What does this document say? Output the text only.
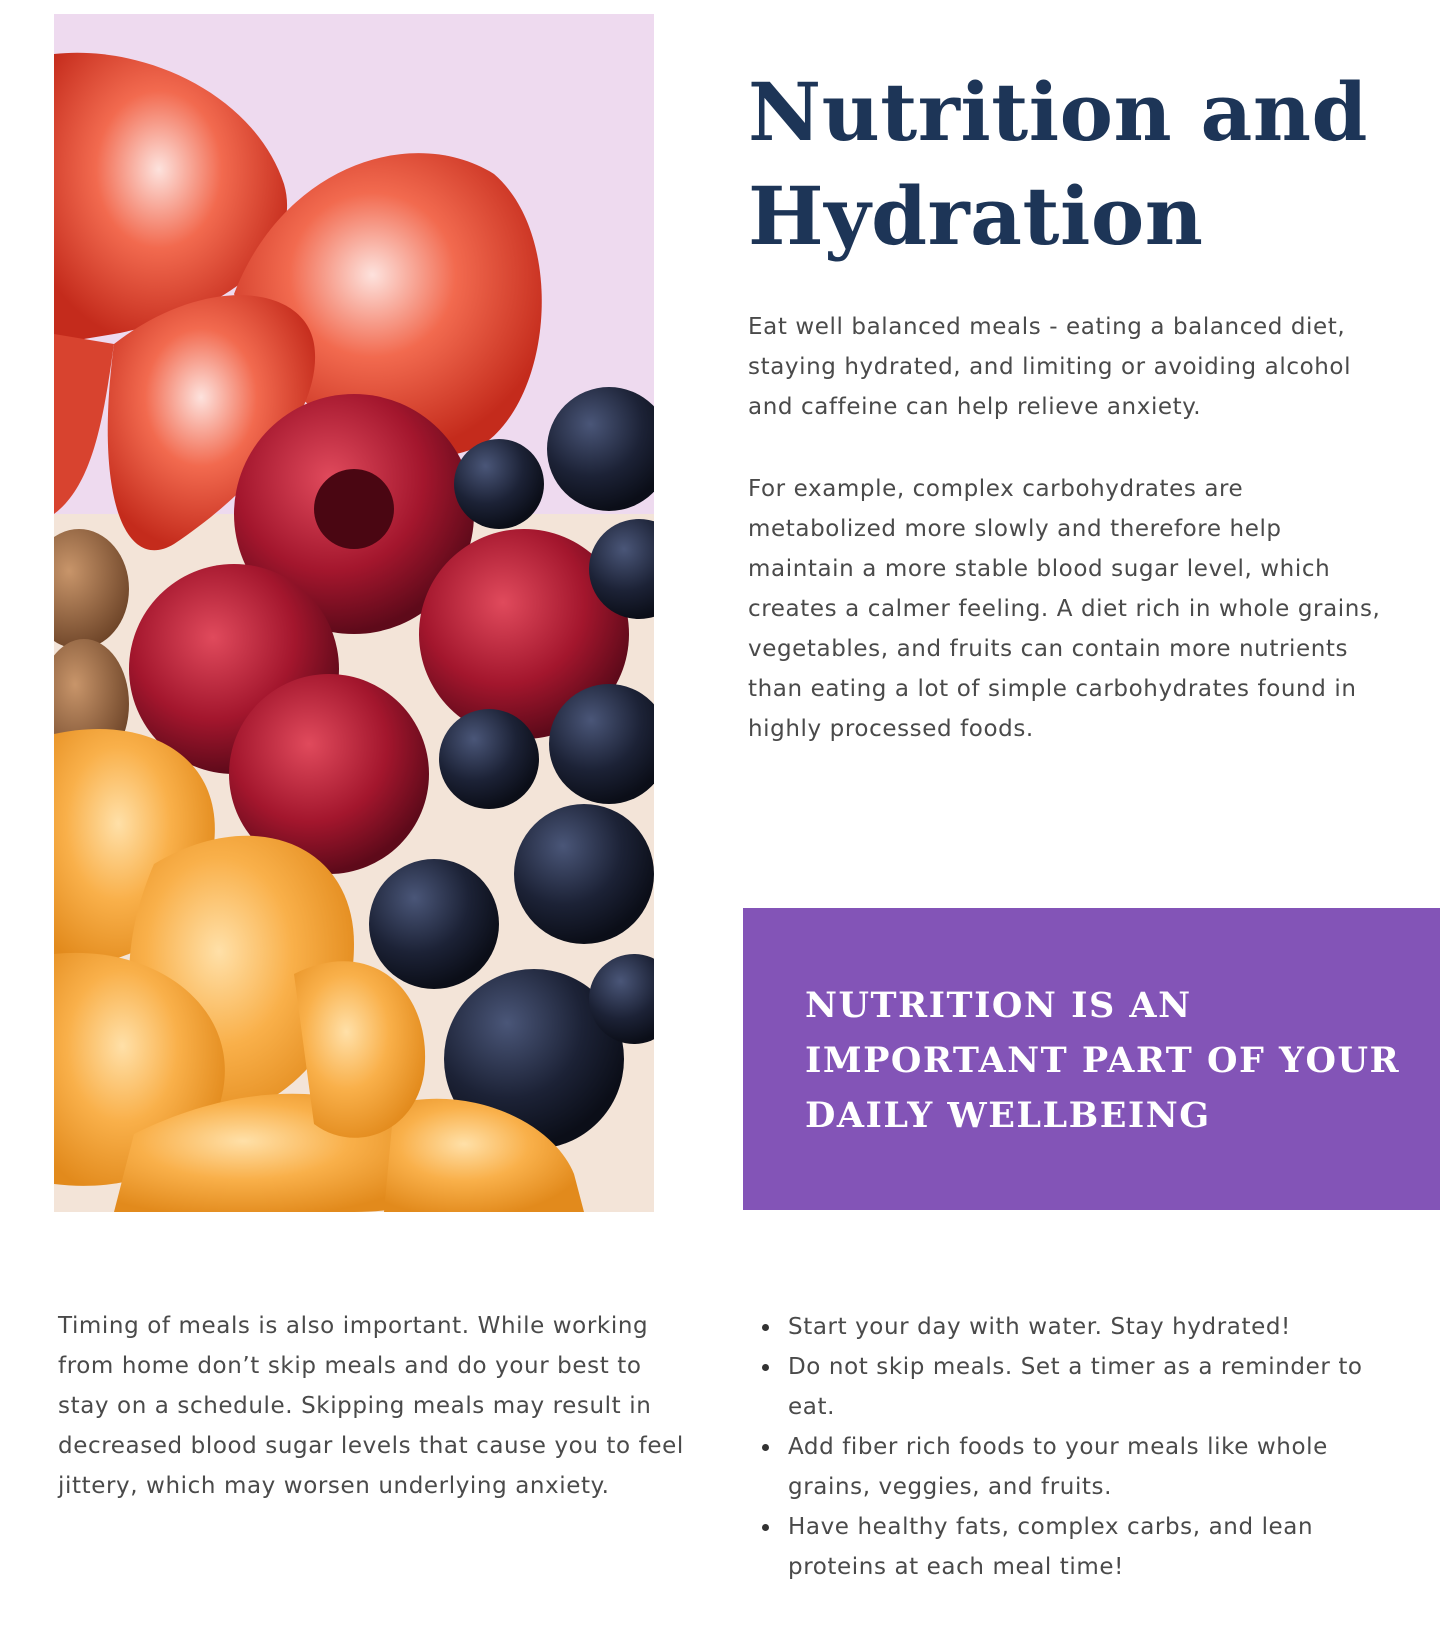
Nutrition and Hydration

Eat well balanced meals - eating a balanced diet, staying hydrated, and limiting or avoiding alcohol and caffeine can help relieve anxiety.

For example, complex carbohydrates are metabolized more slowly and therefore help maintain a more stable blood sugar level, which creates a calmer feeling. A diet rich in whole grains, vegetables, and fruits can contain more nutrients than eating a lot of simple carbohydrates found in highly processed foods.

NUTRITION IS AN IMPORTANT PART OF YOUR DAILY WELLBEING

Timing of meals is also important. While working from home don’t skip meals and do your best to stay on a schedule. Skipping meals may result in decreased blood sugar levels that cause you to feel jittery, which may worsen underlying anxiety.

• Start your day with water. Stay hydrated!
• Do not skip meals. Set a timer as a reminder to eat.
• Add fiber rich foods to your meals like whole grains, veggies, and fruits.
• Have healthy fats, complex carbs, and lean proteins at each meal time!
